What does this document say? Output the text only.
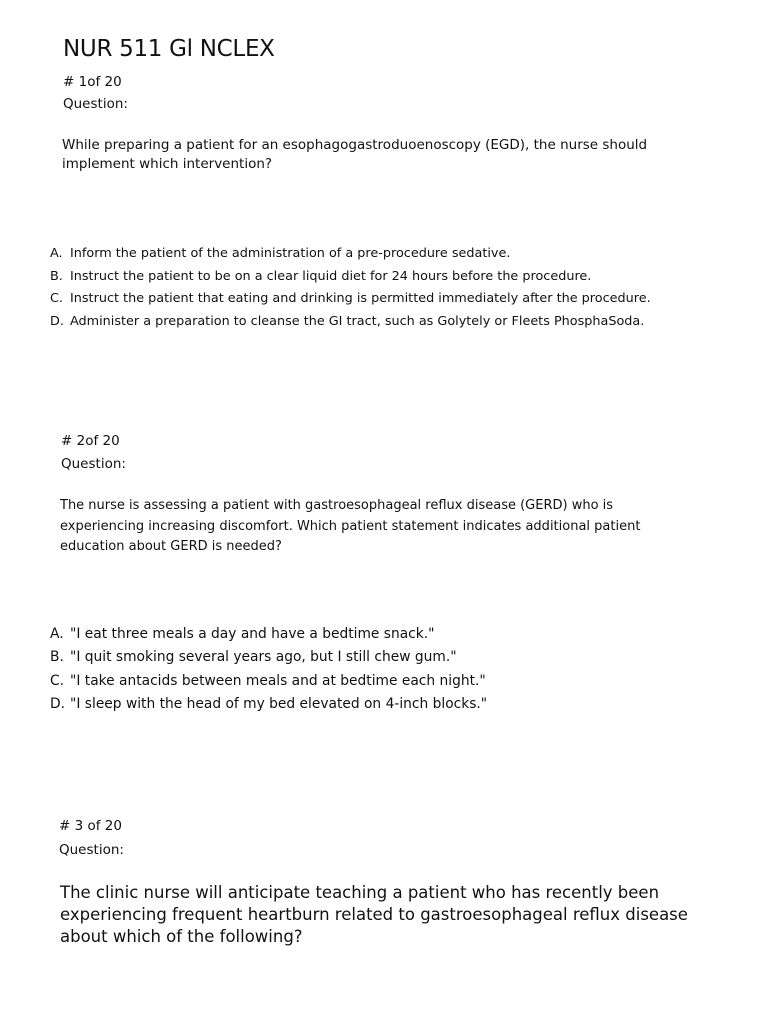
NUR 511 Gl NCLEX
# 1of 20
Question:
While preparing a patient for an esophagogastroduoenoscopy (EGD), the nurse should implement which intervention?
A. Inform the patient of the administration of a pre-procedure sedative.
B. Instruct the patient to be on a clear liquid diet for 24 hours before the procedure.
C. Instruct the patient that eating and drinking is permitted immediately after the procedure.
D. Administer a preparation to cleanse the GI tract, such as Golytely or Fleets PhosphaSoda.
# 2of 20
Question:
The nurse is assessing a patient with gastroesophageal reflux disease (GERD) who is experiencing increasing discomfort. Which patient statement indicates additional patient education about GERD is needed?
A. "I eat three meals a day and have a bedtime snack."
B. "I quit smoking several years ago, but I still chew gum."
C. "I take antacids between meals and at bedtime each night."
D. "I sleep with the head of my bed elevated on 4-inch blocks."
# 3 of 20
Question:
The clinic nurse will anticipate teaching a patient who has recently been experiencing frequent heartburn related to gastroesophageal reflux disease about which of the following?
